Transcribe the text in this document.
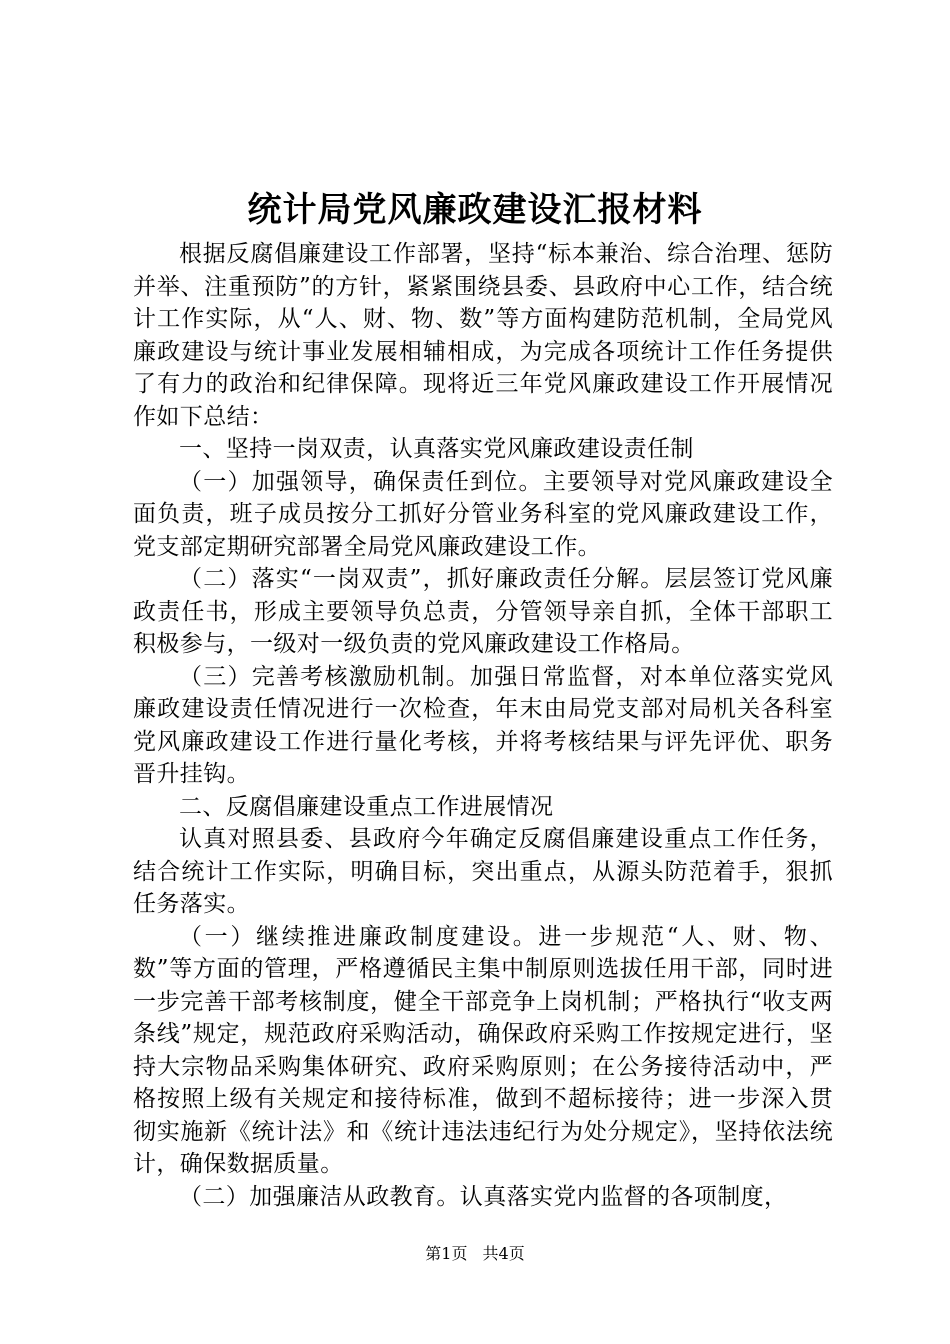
统计局党风廉政建设汇报材料

根据反腐倡廉建设工作部署，坚持“标本兼治、综合治理、惩防并举、注重预防”的方针，紧紧围绕县委、县政府中心工作，结合统计工作实际，从“人、财、物、数”等方面构建防范机制，全局党风廉政建设与统计事业发展相辅相成，为完成各项统计工作任务提供了有力的政治和纪律保障。现将近三年党风廉政建设工作开展情况作如下总结：

一、坚持一岗双责，认真落实党风廉政建设责任制

（一）加强领导，确保责任到位。主要领导对党风廉政建设全面负责，班子成员按分工抓好分管业务科室的党风廉政建设工作，党支部定期研究部署全局党风廉政建设工作。

（二）落实“一岗双责”，抓好廉政责任分解。层层签订党风廉政责任书，形成主要领导负总责，分管领导亲自抓，全体干部职工积极参与，一级对一级负责的党风廉政建设工作格局。

（三）完善考核激励机制。加强日常监督，对本单位落实党风廉政建设责任情况进行一次检查，年末由局党支部对局机关各科室党风廉政建设工作进行量化考核，并将考核结果与评先评优、职务晋升挂钩。

二、反腐倡廉建设重点工作进展情况

认真对照县委、县政府今年确定反腐倡廉建设重点工作任务，结合统计工作实际，明确目标，突出重点，从源头防范着手，狠抓任务落实。

（一）继续推进廉政制度建设。进一步规范“人、财、物、数”等方面的管理，严格遵循民主集中制原则选拔任用干部，同时进一步完善干部考核制度，健全干部竞争上岗机制；严格执行“收支两条线”规定，规范政府采购活动，确保政府采购工作按规定进行，坚持大宗物品采购集体研究、政府采购原则；在公务接待活动中，严格按照上级有关规定和接待标准，做到不超标接待；进一步深入贯彻实施新《统计法》和《统计违法违纪行为处分规定》，坚持依法统计，确保数据质量。

（二）加强廉洁从政教育。认真落实党内监督的各项制度，

第1页 共4页
